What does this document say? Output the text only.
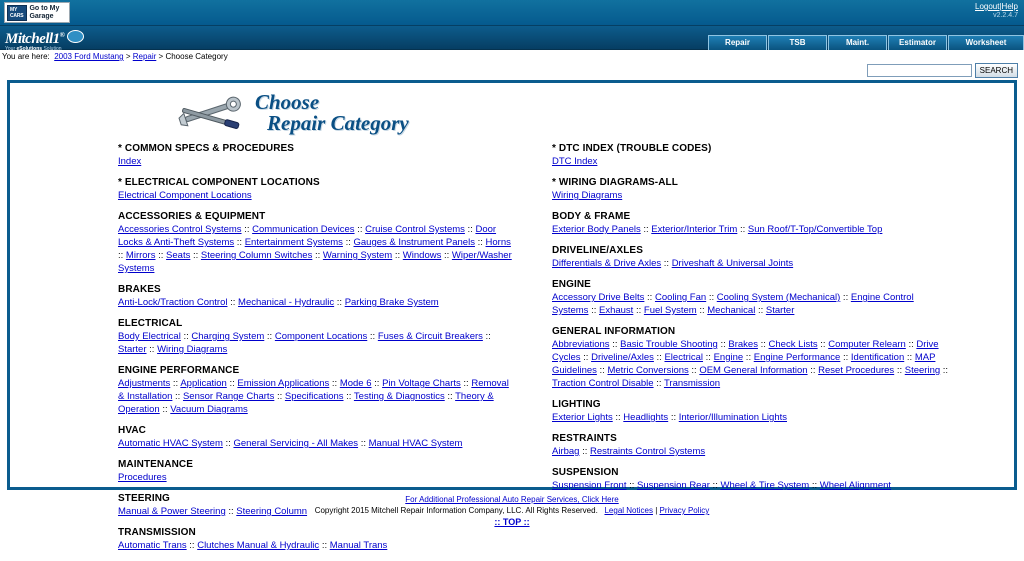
MY CARS
Go to My Garage
Logout|Help
v2.2.4.7
Mitchell1®
Your eSolutions Solution
Repair	TSB	Maint.	Estimator	Worksheet
You are here: 2003 Ford Mustang > Repair > Choose Category
SEARCH
Choose
Repair Category
* COMMON SPECS & PROCEDURES
Index
* ELECTRICAL COMPONENT LOCATIONS
Electrical Component Locations
ACCESSORIES & EQUIPMENT
Accessories Control Systems :: Communication Devices :: Cruise Control Systems :: Door Locks & Anti-Theft Systems :: Entertainment Systems :: Gauges & Instrument Panels :: Horns :: Mirrors :: Seats :: Steering Column Switches :: Warning System :: Windows :: Wiper/Washer Systems
BRAKES
Anti-Lock/Traction Control :: Mechanical - Hydraulic :: Parking Brake System
ELECTRICAL
Body Electrical :: Charging System :: Component Locations :: Fuses & Circuit Breakers :: Starter :: Wiring Diagrams
ENGINE PERFORMANCE
Adjustments :: Application :: Emission Applications :: Mode 6 :: Pin Voltage Charts :: Removal & Installation :: Sensor Range Charts :: Specifications :: Testing & Diagnostics :: Theory & Operation :: Vacuum Diagrams
HVAC
Automatic HVAC System :: General Servicing - All Makes :: Manual HVAC System
MAINTENANCE
Procedures
STEERING
Manual & Power Steering :: Steering Column
TRANSMISSION
Automatic Trans :: Clutches Manual & Hydraulic :: Manual Trans
* DTC INDEX (TROUBLE CODES)
DTC Index
* WIRING DIAGRAMS-ALL
Wiring Diagrams
BODY & FRAME
Exterior Body Panels :: Exterior/Interior Trim :: Sun Roof/T-Top/Convertible Top
DRIVELINE/AXLES
Differentials & Drive Axles :: Driveshaft & Universal Joints
ENGINE
Accessory Drive Belts :: Cooling Fan :: Cooling System (Mechanical) :: Engine Control Systems :: Exhaust :: Fuel System :: Mechanical :: Starter
GENERAL INFORMATION
Abbreviations :: Basic Trouble Shooting :: Brakes :: Check Lists :: Computer Relearn :: Drive Cycles :: Driveline/Axles :: Electrical :: Engine :: Engine Performance :: Identification :: MAP Guidelines :: Metric Conversions :: OEM General Information :: Reset Procedures :: Steering :: Traction Control Disable :: Transmission
LIGHTING
Exterior Lights :: Headlights :: Interior/Illumination Lights
RESTRAINTS
Airbag :: Restraints Control Systems
SUSPENSION
Suspension Front :: Suspension Rear :: Wheel & Tire System :: Wheel Alignment
For Additional Professional Auto Repair Services, Click Here
Copyright 2015 Mitchell Repair Information Company, LLC. All Rights Reserved. Legal Notices | Privacy Policy
:: TOP ::
